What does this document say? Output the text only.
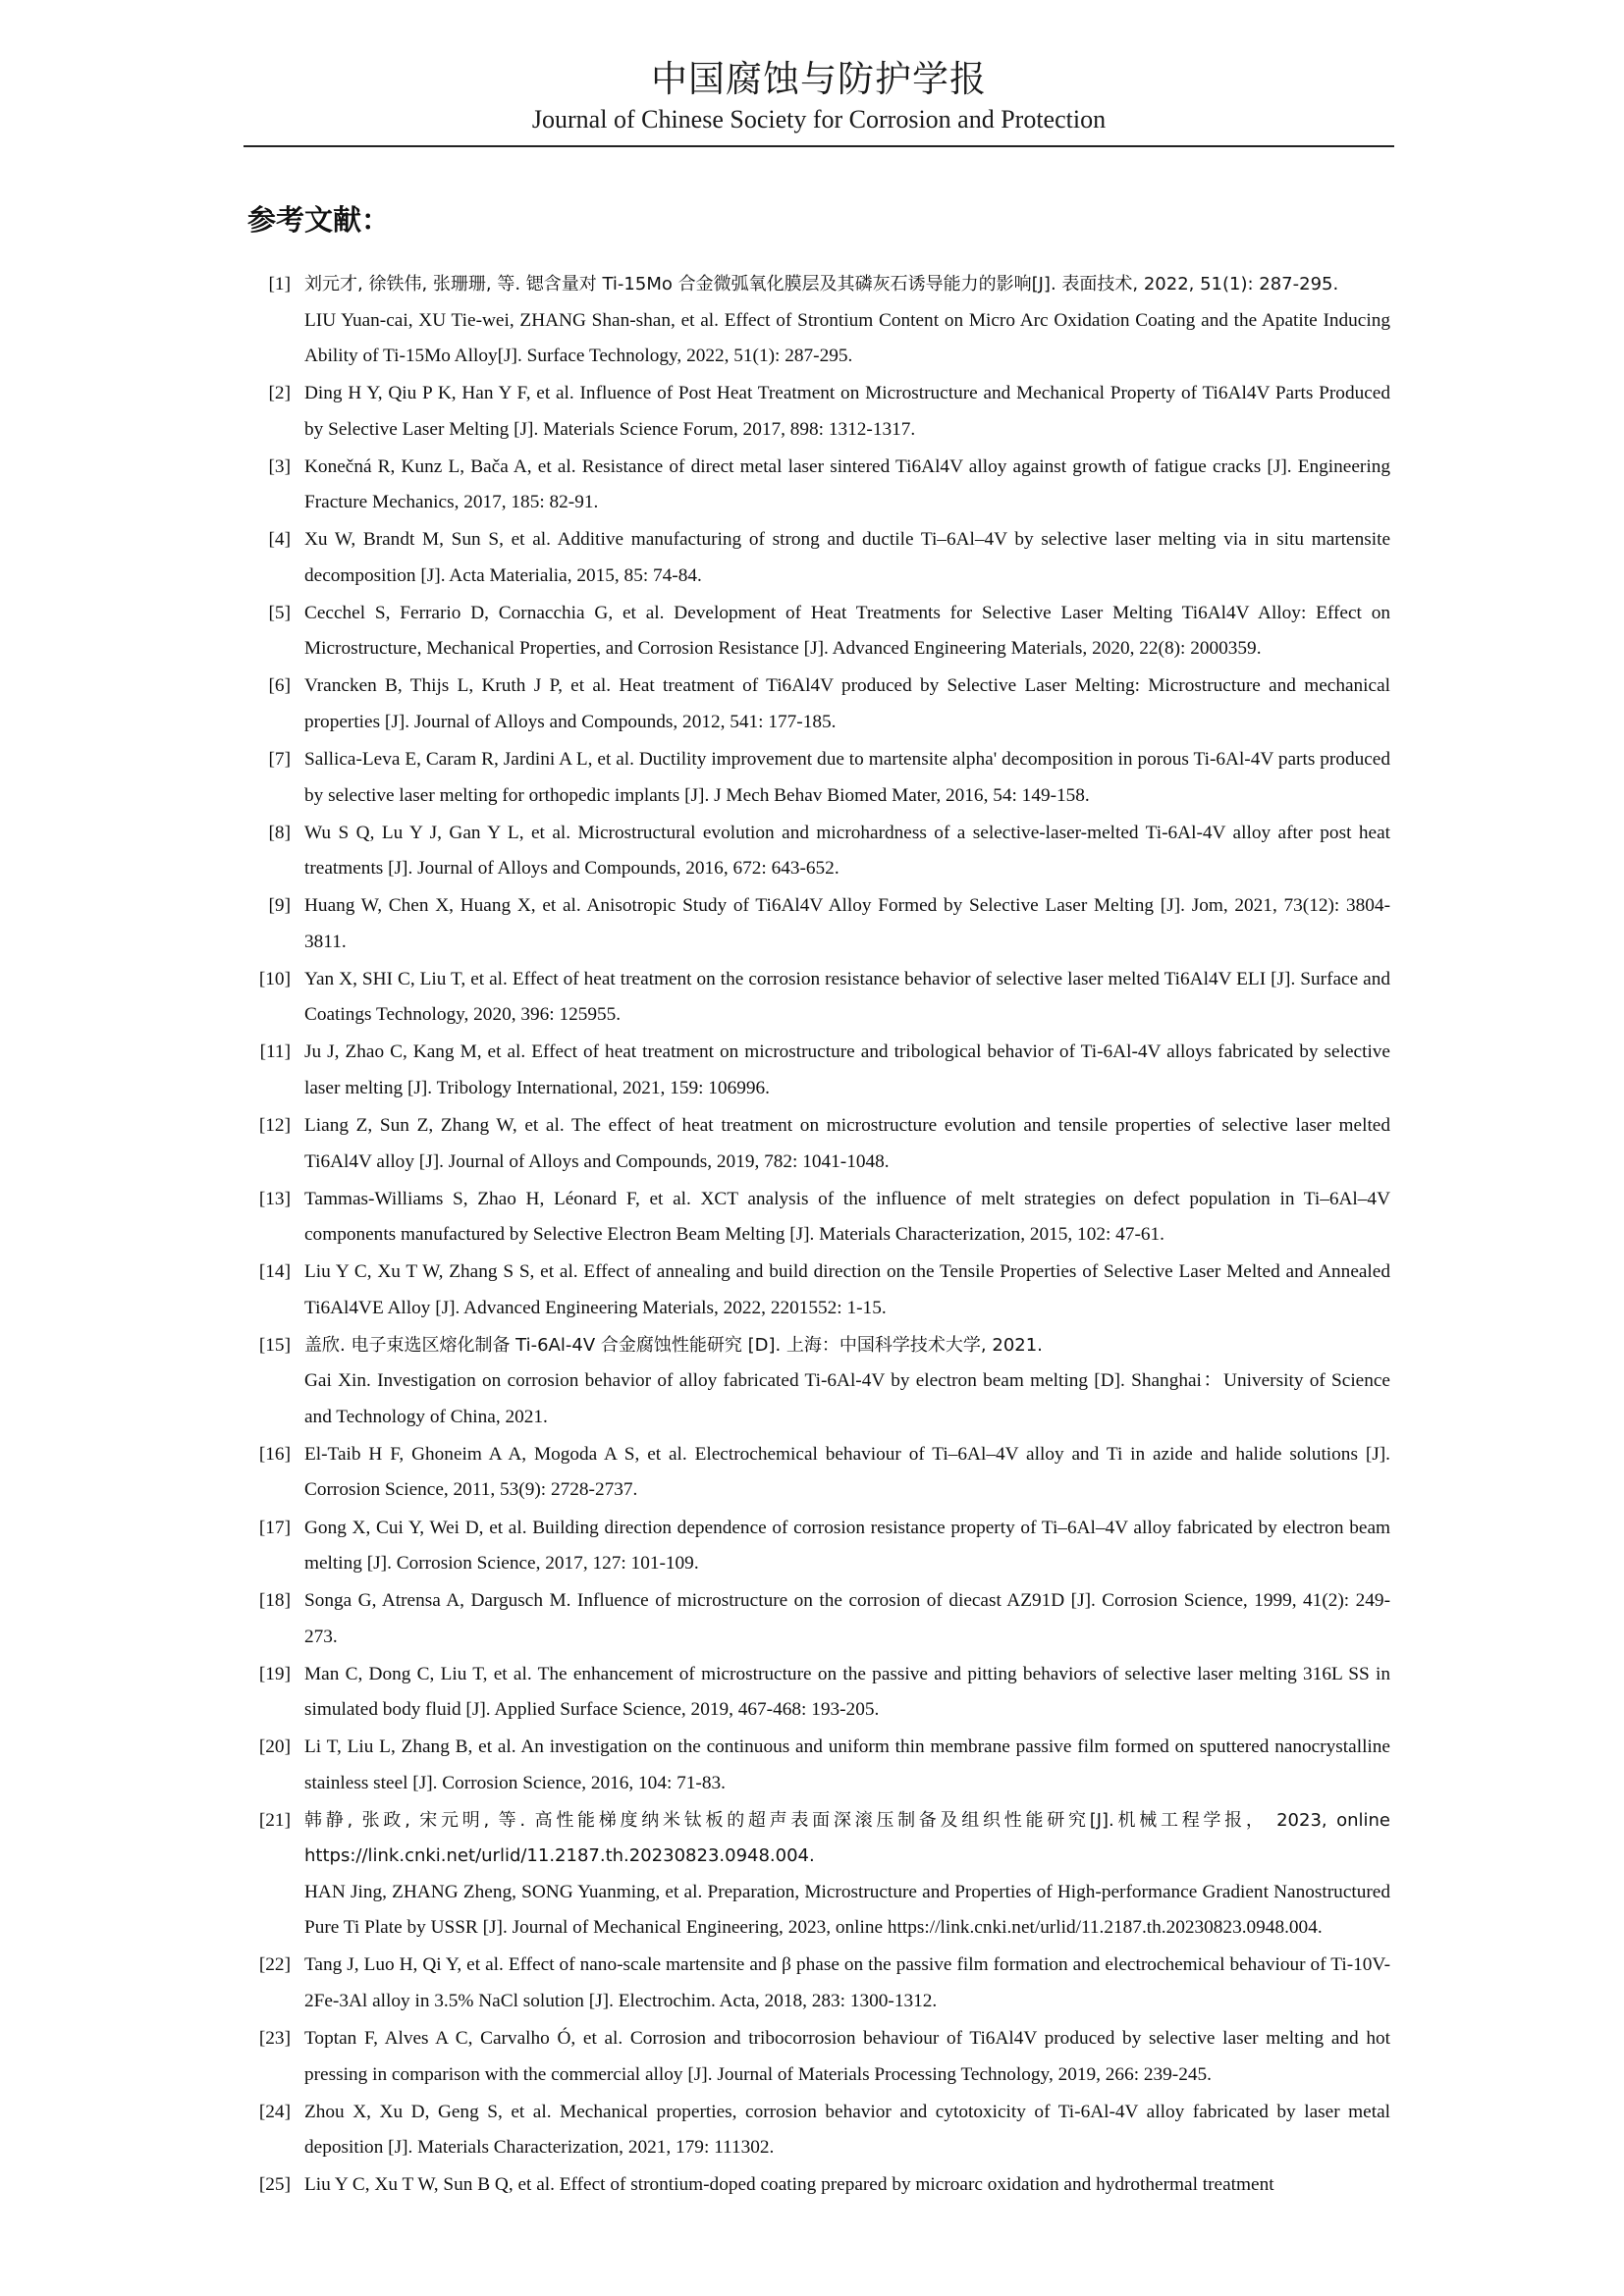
中国腐蚀与防护学报
Journal of Chinese Society for Corrosion and Protection
参考文献：
[1] 刘元才, 徐铁伟, 张珊珊, 等. 锶含量对 Ti-15Mo 合金微弧氧化膜层及其磷灰石诱导能力的影响[J]. 表面技术, 2022, 51(1): 287-295.
LIU Yuan-cai, XU Tie-wei, ZHANG Shan-shan, et al. Effect of Strontium Content on Micro Arc Oxidation Coating and the Apatite Inducing Ability of Ti-15Mo Alloy[J]. Surface Technology, 2022, 51(1): 287-295.
[2] Ding H Y, Qiu P K, Han Y F, et al. Influence of Post Heat Treatment on Microstructure and Mechanical Property of Ti6Al4V Parts Produced by Selective Laser Melting [J]. Materials Science Forum, 2017, 898: 1312-1317.
[3] Konečná R, Kunz L, Bača A, et al. Resistance of direct metal laser sintered Ti6Al4V alloy against growth of fatigue cracks [J]. Engineering Fracture Mechanics, 2017, 185: 82-91.
[4] Xu W, Brandt M, Sun S, et al. Additive manufacturing of strong and ductile Ti–6Al–4V by selective laser melting via in situ martensite decomposition [J]. Acta Materialia, 2015, 85: 74-84.
[5] Cecchel S, Ferrario D, Cornacchia G, et al. Development of Heat Treatments for Selective Laser Melting Ti6Al4V Alloy: Effect on Microstructure, Mechanical Properties, and Corrosion Resistance [J]. Advanced Engineering Materials, 2020, 22(8): 2000359.
[6] Vrancken B, Thijs L, Kruth J P, et al. Heat treatment of Ti6Al4V produced by Selective Laser Melting: Microstructure and mechanical properties [J]. Journal of Alloys and Compounds, 2012, 541: 177-185.
[7] Sallica-Leva E, Caram R, Jardini A L, et al. Ductility improvement due to martensite alpha' decomposition in porous Ti-6Al-4V parts produced by selective laser melting for orthopedic implants [J]. J Mech Behav Biomed Mater, 2016, 54: 149-158.
[8] Wu S Q, Lu Y J, Gan Y L, et al. Microstructural evolution and microhardness of a selective-laser-melted Ti-6Al-4V alloy after post heat treatments [J]. Journal of Alloys and Compounds, 2016, 672: 643-652.
[9] Huang W, Chen X, Huang X, et al. Anisotropic Study of Ti6Al4V Alloy Formed by Selective Laser Melting [J]. Jom, 2021, 73(12): 3804-3811.
[10] Yan X, SHI C, Liu T, et al. Effect of heat treatment on the corrosion resistance behavior of selective laser melted Ti6Al4V ELI [J]. Surface and Coatings Technology, 2020, 396: 125955.
[11] Ju J, Zhao C, Kang M, et al. Effect of heat treatment on microstructure and tribological behavior of Ti-6Al-4V alloys fabricated by selective laser melting [J]. Tribology International, 2021, 159: 106996.
[12] Liang Z, Sun Z, Zhang W, et al. The effect of heat treatment on microstructure evolution and tensile properties of selective laser melted Ti6Al4V alloy [J]. Journal of Alloys and Compounds, 2019, 782: 1041-1048.
[13] Tammas-Williams S, Zhao H, Léonard F, et al. XCT analysis of the influence of melt strategies on defect population in Ti–6Al–4V components manufactured by Selective Electron Beam Melting [J]. Materials Characterization, 2015, 102: 47-61.
[14] Liu Y C, Xu T W, Zhang S S, et al. Effect of annealing and build direction on the Tensile Properties of Selective Laser Melted and Annealed Ti6Al4VE Alloy [J]. Advanced Engineering Materials, 2022, 2201552: 1-15.
[15] 盖欣. 电子束选区熔化制备 Ti-6Al-4V 合金腐蚀性能研究 [D]. 上海：中国科学技术大学, 2021.
Gai Xin. Investigation on corrosion behavior of alloy fabricated Ti-6Al-4V by electron beam melting [D]. Shanghai：University of Science and Technology of China, 2021.
[16] El-Taib H F, Ghoneim A A, Mogoda A S, et al. Electrochemical behaviour of Ti–6Al–4V alloy and Ti in azide and halide solutions [J]. Corrosion Science, 2011, 53(9): 2728-2737.
[17] Gong X, Cui Y, Wei D, et al. Building direction dependence of corrosion resistance property of Ti–6Al–4V alloy fabricated by electron beam melting [J]. Corrosion Science, 2017, 127: 101-109.
[18] Songa G, Atrensa A, Dargusch M. Influence of microstructure on the corrosion of diecast AZ91D [J]. Corrosion Science, 1999, 41(2): 249-273.
[19] Man C, Dong C, Liu T, et al. The enhancement of microstructure on the passive and pitting behaviors of selective laser melting 316L SS in simulated body fluid [J]. Applied Surface Science, 2019, 467-468: 193-205.
[20] Li T, Liu L, Zhang B, et al. An investigation on the continuous and uniform thin membrane passive film formed on sputtered nanocrystalline stainless steel [J]. Corrosion Science, 2016, 104: 71-83.
[21] 韩静, 张政, 宋元明, 等. 高性能梯度纳米钛板的超声表面深滚压制备及组织性能研究[J].机械工程学报， 2023, online https://link.cnki.net/urlid/11.2187.th.20230823.0948.004.
HAN Jing, ZHANG Zheng, SONG Yuanming, et al. Preparation, Microstructure and Properties of High-performance Gradient Nanostructured Pure Ti Plate by USSR [J]. Journal of Mechanical Engineering, 2023, online https://link.cnki.net/urlid/11.2187.th.20230823.0948.004.
[22] Tang J, Luo H, Qi Y, et al. Effect of nano-scale martensite and β phase on the passive film formation and electrochemical behaviour of Ti-10V-2Fe-3Al alloy in 3.5% NaCl solution [J]. Electrochim. Acta, 2018, 283: 1300-1312.
[23] Toptan F, Alves A C, Carvalho Ó, et al. Corrosion and tribocorrosion behaviour of Ti6Al4V produced by selective laser melting and hot pressing in comparison with the commercial alloy [J]. Journal of Materials Processing Technology, 2019, 266: 239-245.
[24] Zhou X, Xu D, Geng S, et al. Mechanical properties, corrosion behavior and cytotoxicity of Ti-6Al-4V alloy fabricated by laser metal deposition [J]. Materials Characterization, 2021, 179: 111302.
[25] Liu Y C, Xu T W, Sun B Q, et al. Effect of strontium-doped coating prepared by microarc oxidation and hydrothermal treatment
